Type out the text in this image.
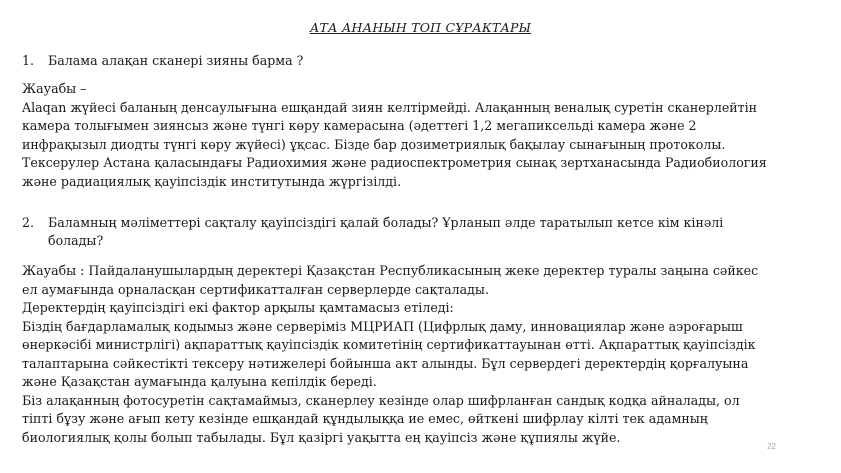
АТА АНАНЫН ТОП СҰРАКТАРЫ
1. Балама алақан сканері зияны барма ?
Жауабы –
Alaqan жүйесі баланың денсаулығына ешқандай зиян келтірмейді. Алақанның веналық суретін сканерлейтін
камера толығымен зиянсыз және түнгі көру камерасына (әдеттегі 1,2 мегапиксельді камера және 2
инфрақызыл диодты түнгі көру жүйесі) ұқсас. Бізде бар дозиметриялық бақылау сынағының протоколы.
Тексерулер Астана қаласындағы Радиохимия және радиоспектрометрия сынақ зертханасында Радиобиология
және радиациялық қауіпсіздік институтында жүргізілді.
2. Баламның мәліметтері сақталу қауіпсіздігі қалай болады? Ұрланып әлде таратылып кетсе кім кінәлі
болады?
Жауабы : Пайдаланушылардың деректері Қазақстан Республикасының жеке деректер туралы заңына сәйкес
ел аумағында орналасқан сертификатталған серверлерде сақталады.
Деректердің қауіпсіздігі екі фактор арқылы қамтамасыз етіледі:
Біздің бағдарламалық кодымыз және серверіміз МЦРИАП (Цифрлық даму, инновациялар және аэроғарыш
өнеркәсібі министрлігі) ақпараттық қауіпсіздік комитетінің сертификаттауынан өтті. Ақпараттық қауіпсіздік
талаптарына сәйкестікті тексеру нәтижелері бойынша акт алынды. Бұл сервердегі деректердің қорғалуына
және Қазақстан аумағында қалуына кепілдік береді.
Біз алақанның фотосуретін сақтамаймыз, сканерлеу кезінде олар шифрланған сандық кодқа айналады, ол
тіпті бұзу және ағып кету кезінде ешқандай құндылыққа ие емес, өйткені шифрлау кілті тек адамның
биологиялық қолы болып табылады. Бұл қазіргі уақытта ең қауіпсіз және құпиялы жүйе.
22
